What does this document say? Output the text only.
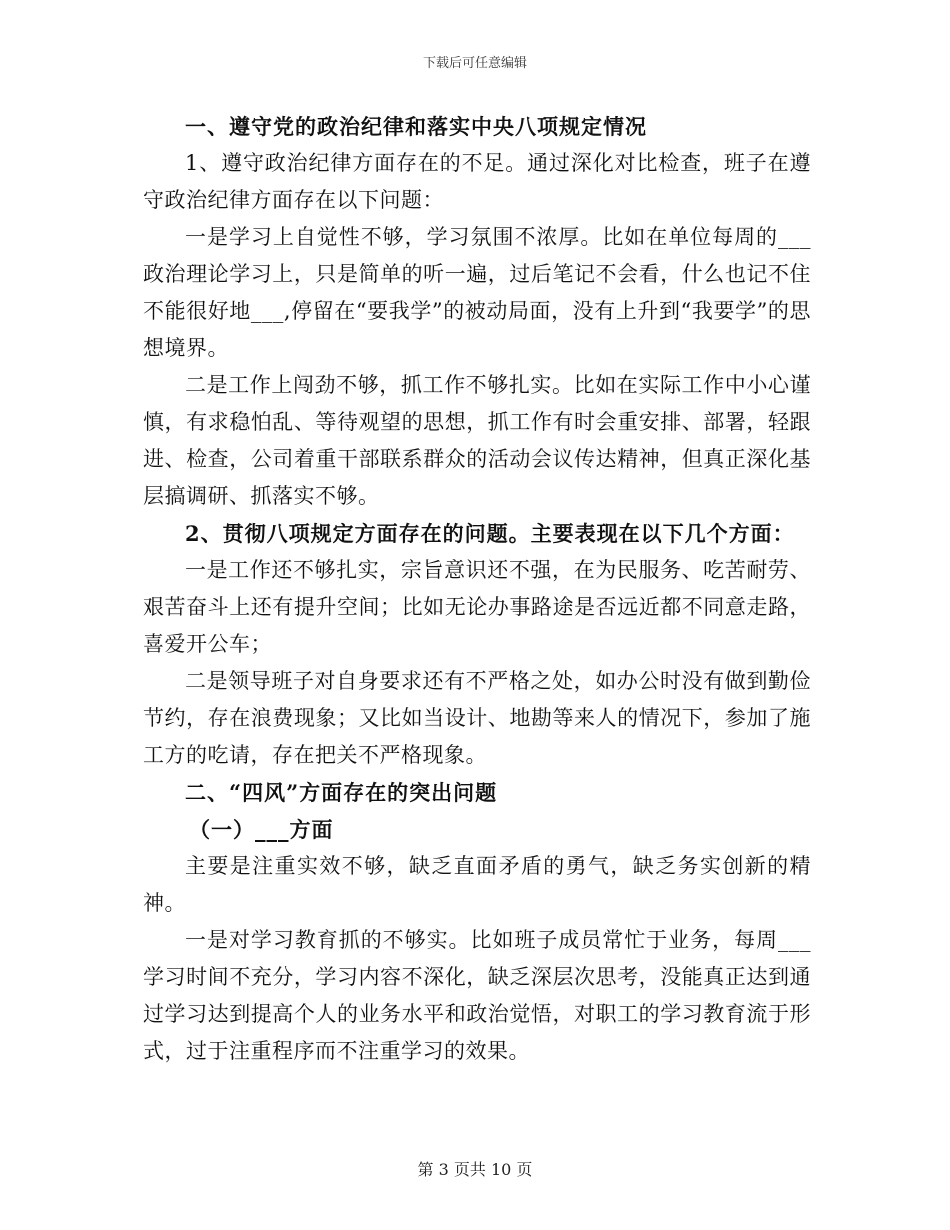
下载后可任意编辑

一、遵守党的政治纪律和落实中央八项规定情况

1、遵守政治纪律方面存在的不足。通过深化对比检查，班子在遵守政治纪律方面存在以下问题：

一是学习上自觉性不够，学习氛围不浓厚。比如在单位每周的___政治理论学习上，只是简单的听一遍，过后笔记不会看，什么也记不住不能很好地___,停留在“要我学”的被动局面，没有上升到“我要学”的思想境界。

二是工作上闯劲不够，抓工作不够扎实。比如在实际工作中小心谨慎，有求稳怕乱、等待观望的思想，抓工作有时会重安排、部署，轻跟进、检查，公司着重干部联系群众的活动会议传达精神，但真正深化基层搞调研、抓落实不够。

2、贯彻八项规定方面存在的问题。主要表现在以下几个方面：

一是工作还不够扎实，宗旨意识还不强，在为民服务、吃苦耐劳、艰苦奋斗上还有提升空间；比如无论办事路途是否远近都不同意走路，喜爱开公车；

二是领导班子对自身要求还有不严格之处，如办公时没有做到勤俭节约，存在浪费现象；又比如当设计、地勘等来人的情况下，参加了施工方的吃请，存在把关不严格现象。

二、“四风”方面存在的突出问题

（一）___方面

主要是注重实效不够，缺乏直面矛盾的勇气，缺乏务实创新的精神。

一是对学习教育抓的不够实。比如班子成员常忙于业务，每周___学习时间不充分，学习内容不深化，缺乏深层次思考，没能真正达到通过学习达到提高个人的业务水平和政治觉悟，对职工的学习教育流于形式，过于注重程序而不注重学习的效果。

第 3 页共 10 页
